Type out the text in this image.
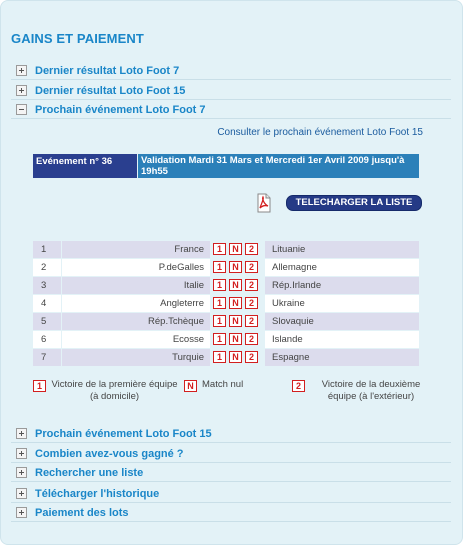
GAINS ET PAIEMENT
Dernier résultat Loto Foot 7
Dernier résultat Loto Foot 15
Prochain événement Loto Foot 7
Consulter le prochain événement Loto Foot 15
Evénement n° 36	Validation Mardi 31 Mars et Mercredi 1er Avril 2009 jusqu'à 19h55
TELECHARGER LA LISTE
1	France	1	N	2	Lituanie
2	P.deGalles	1	N	2	Allemagne
3	Italie	1	N	2	Rép.Irlande
4	Angleterre	1	N	2	Ukraine
5	Rép.Tchèque	1	N	2	Slovaquie
6	Ecosse	1	N	2	Islande
7	Turquie	1	N	2	Espagne
1 Victoire de la première équipe (à domicile)
N Match nul	2	Victoire de la deuxième équipe (à l'extérieur)
Prochain événement Loto Foot 15
Combien avez-vous gagné ?
Rechercher une liste
Télécharger l'historique
Paiement des lots
